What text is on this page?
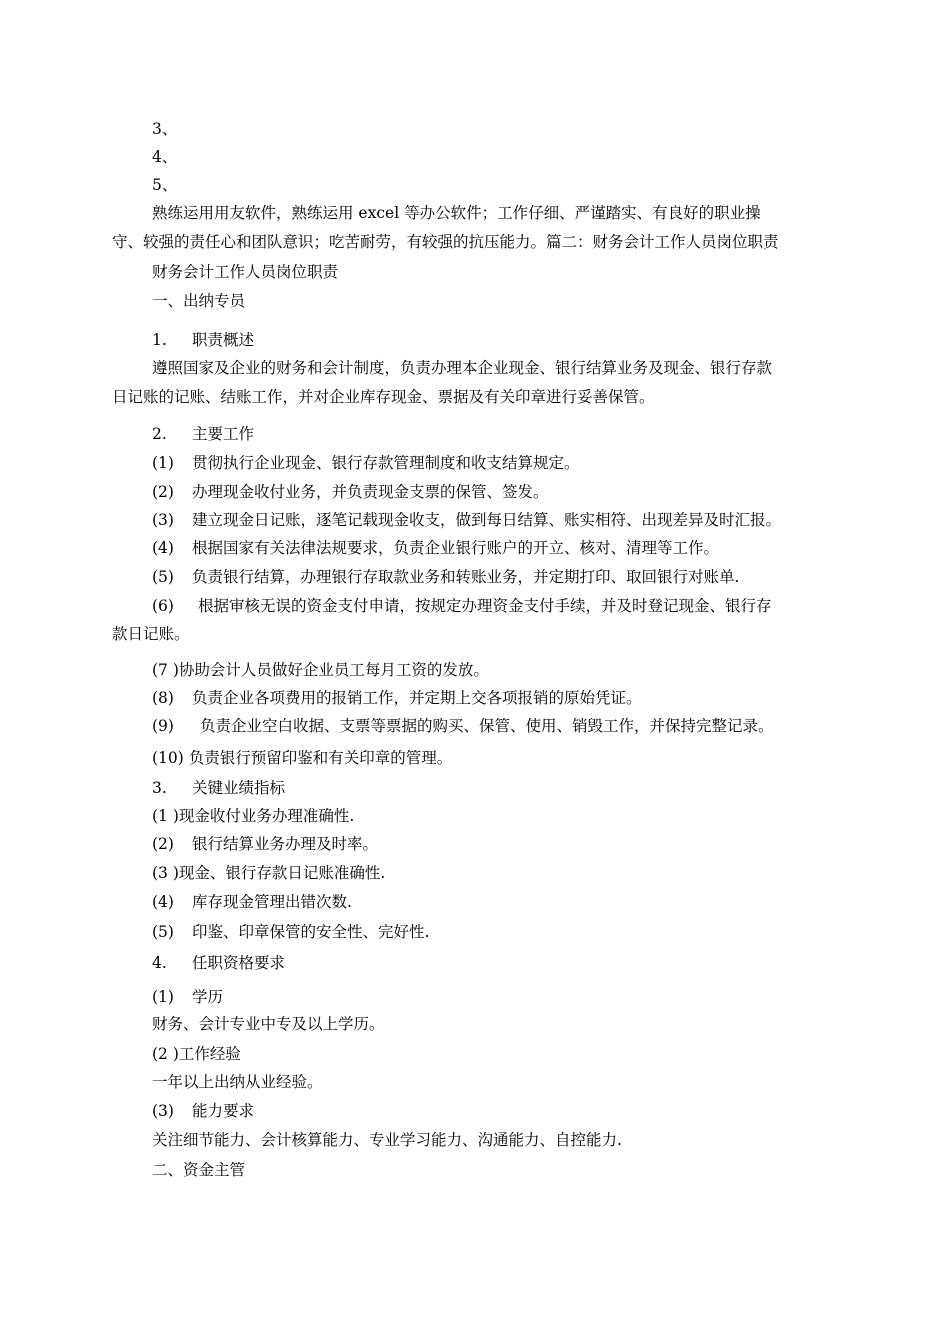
3、
4、
5、
熟练运用用友软件，熟练运用 excel 等办公软件；工作仔细、严谨踏实、有良好的职业操
守、较强的责任心和团队意识；吃苦耐劳，有较强的抗压能力。篇二：财务会计工作人员岗位职责
财务会计工作人员岗位职责
一、出纳专员
1. 职责概述
遵照国家及企业的财务和会计制度，负责办理本企业现金、银行结算业务及现金、银行存款
日记账的记账、结账工作，并对企业库存现金、票据及有关印章进行妥善保管。
2. 主要工作
(1) 贯彻执行企业现金、银行存款管理制度和收支结算规定。
(2) 办理现金收付业务，并负责现金支票的保管、签发。
(3) 建立现金日记账，逐笔记载现金收支，做到每日结算、账实相符、出现差异及时汇报。
(4) 根据国家有关法律法规要求，负责企业银行账户的开立、核对、清理等工作。
(5) 负责银行结算，办理银行存取款业务和转账业务，并定期打印、取回银行对账单.
(6) 根据审核无误的资金支付申请，按规定办理资金支付手续，并及时登记现金、银行存
款日记账。
(7 )协助会计人员做好企业员工每月工资的发放。
(8) 负责企业各项费用的报销工作，并定期上交各项报销的原始凭证。
(9) 负责企业空白收据、支票等票据的购买、保管、使用、销毁工作，并保持完整记录。
(10) 负责银行预留印鉴和有关印章的管理。
3. 关键业绩指标
(1 )现金收付业务办理准确性.
(2) 银行结算业务办理及时率。
(3 )现金、银行存款日记账准确性.
(4) 库存现金管理出错次数.
(5) 印鉴、印章保管的安全性、完好性.
4. 任职资格要求
(1) 学历
财务、会计专业中专及以上学历。
(2 )工作经验
一年以上出纳从业经验。
(3) 能力要求
关注细节能力、会计核算能力、专业学习能力、沟通能力、自控能力.
二、资金主管
